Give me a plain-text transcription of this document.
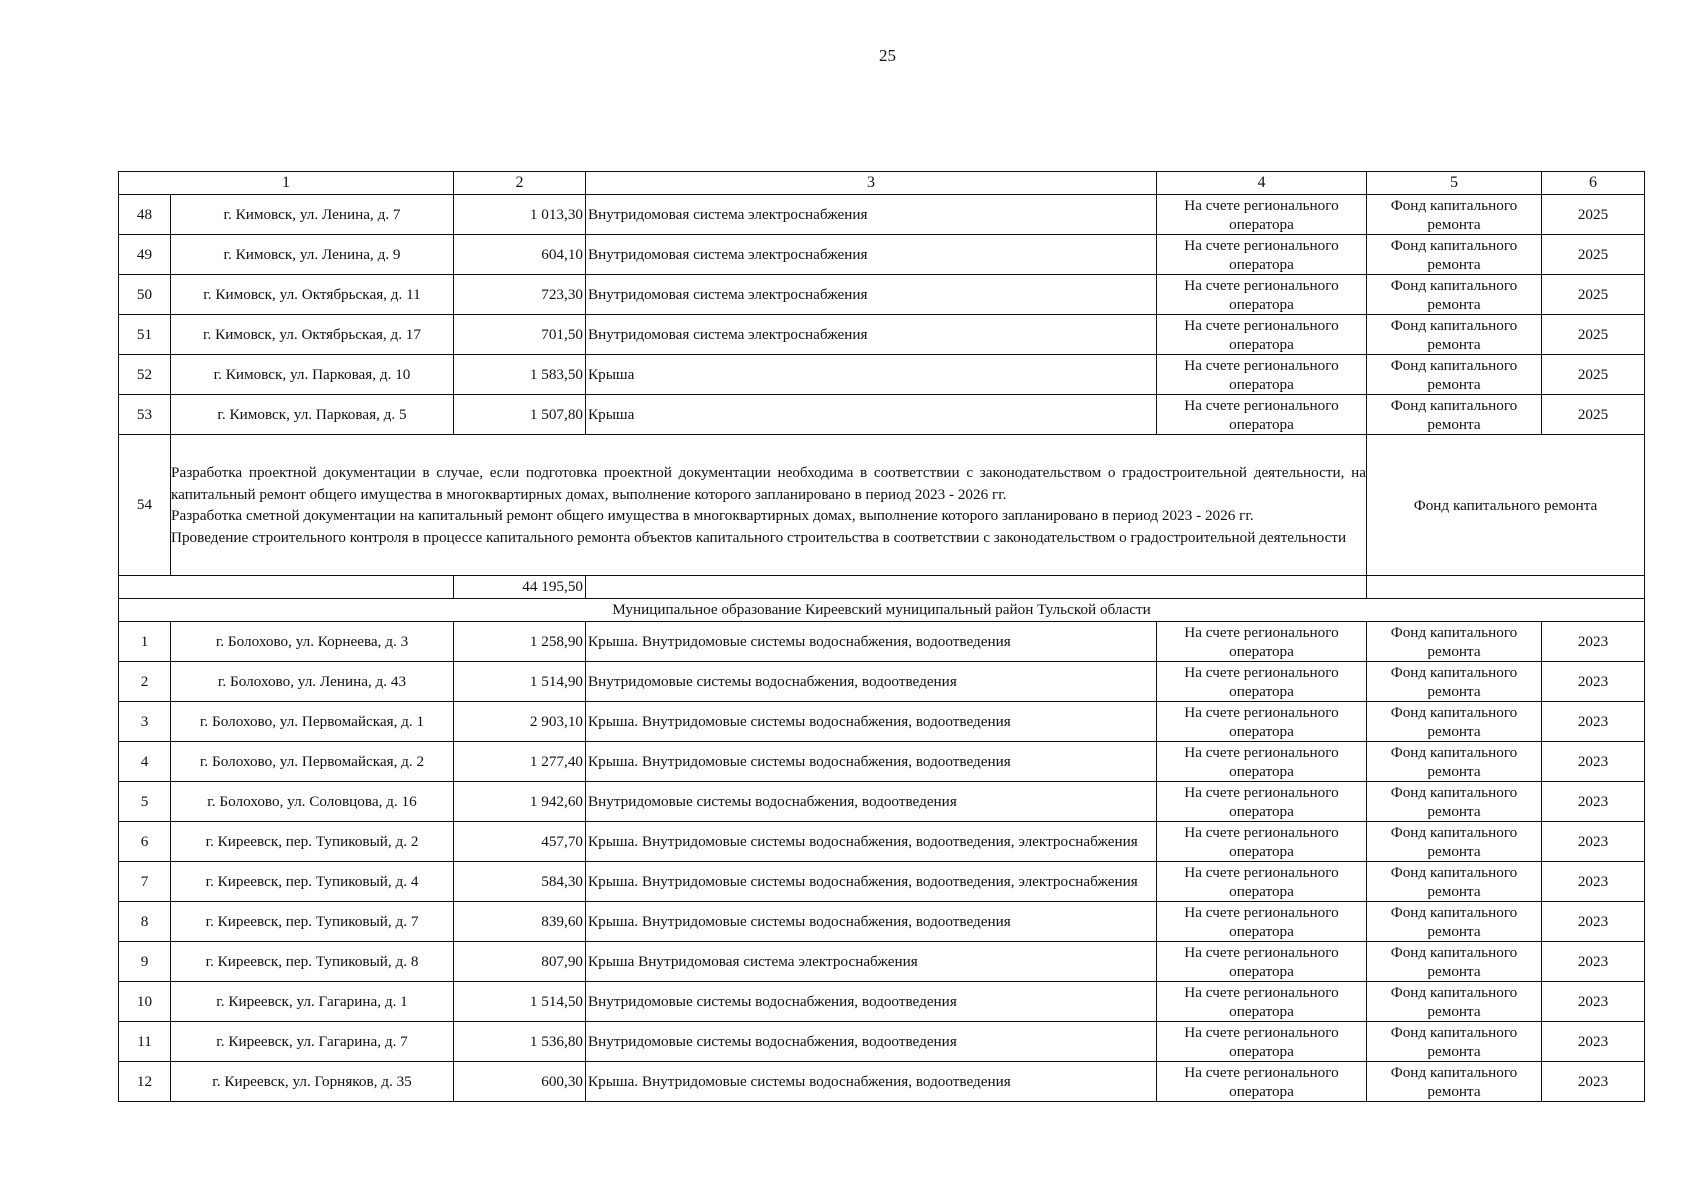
25
1		2	3	4	5	6
48	г. Кимовск, ул. Ленина, д. 7	1 013,30	Внутридомовая система электроснабжения	На счете регионального оператора	Фонд капитального ремонта	2025
49	г. Кимовск, ул. Ленина, д. 9	604,10	Внутридомовая система электроснабжения	На счете регионального оператора	Фонд капитального ремонта	2025
50	г. Кимовск, ул. Октябрьская, д. 11	723,30	Внутридомовая система электроснабжения	На счете регионального оператора	Фонд капитального ремонта	2025
51	г. Кимовск, ул. Октябрьская, д. 17	701,50	Внутридомовая система электроснабжения	На счете регионального оператора	Фонд капитального ремонта	2025
52	г. Кимовск, ул. Парковая, д. 10	1 583,50	Крыша	На счете регионального оператора	Фонд капитального ремонта	2025
53	г. Кимовск, ул. Парковая, д. 5	1 507,80	Крыша	На счете регионального оператора	Фонд капитального ремонта	2025
54	Разработка проектной документации в случае, если подготовка проектной документации необходима в соответствии с законодательством о градостроительной деятельности, на капитальный ремонт общего имущества в многоквартирных домах, выполнение которого запланировано в период 2023 - 2026 гг.

Разработка сметной документации на капитальный ремонт общего имущества в многоквартирных домах, выполнение которого запланировано в период 2023 - 2026 гг.

Проведение строительного контроля в процессе капитального ремонта объектов капитального строительства в соответствии с законодательством о градостроительной деятельности				Фонд капитального ремонта	
		44 195,50				
Муниципальное образование Киреевский муниципальный район Тульской области						
1	г. Болохово, ул. Корнеева, д. 3	1 258,90	Крыша. Внутридомовые системы водоснабжения, водоотведения	На счете регионального оператора	Фонд капитального ремонта	2023
2	г. Болохово, ул. Ленина, д. 43	1 514,90	Внутридомовые системы водоснабжения, водоотведения	На счете регионального оператора	Фонд капитального ремонта	2023
3	г. Болохово, ул. Первомайская, д. 1	2 903,10	Крыша. Внутридомовые системы водоснабжения, водоотведения	На счете регионального оператора	Фонд капитального ремонта	2023
4	г. Болохово, ул. Первомайская, д. 2	1 277,40	Крыша. Внутридомовые системы водоснабжения, водоотведения	На счете регионального оператора	Фонд капитального ремонта	2023
5	г. Болохово, ул. Соловцова, д. 16	1 942,60	Внутридомовые системы водоснабжения, водоотведения	На счете регионального оператора	Фонд капитального ремонта	2023
6	г. Киреевск, пер. Тупиковый, д. 2	457,70	Крыша. Внутридомовые системы водоснабжения, водоотведения, электроснабжения	На счете регионального оператора	Фонд капитального ремонта	2023
7	г. Киреевск, пер. Тупиковый, д. 4	584,30	Крыша. Внутридомовые системы водоснабжения, водоотведения, электроснабжения	На счете регионального оператора	Фонд капитального ремонта	2023
8	г. Киреевск, пер. Тупиковый, д. 7	839,60	Крыша. Внутридомовые системы водоснабжения, водоотведения	На счете регионального оператора	Фонд капитального ремонта	2023
9	г. Киреевск, пер. Тупиковый, д. 8	807,90	Крыша Внутридомовая система электроснабжения	На счете регионального оператора	Фонд капитального ремонта	2023
10	г. Киреевск, ул. Гагарина, д. 1	1 514,50	Внутридомовые системы водоснабжения, водоотведения	На счете регионального оператора	Фонд капитального ремонта	2023
11	г. Киреевск, ул. Гагарина, д. 7	1 536,80	Внутридомовые системы водоснабжения, водоотведения	На счете регионального оператора	Фонд капитального ремонта	2023
12	г. Киреевск, ул. Горняков, д. 35	600,30	Крыша. Внутридомовые системы водоснабжения, водоотведения	На счете регионального оператора	Фонд капитального ремонта	2023
